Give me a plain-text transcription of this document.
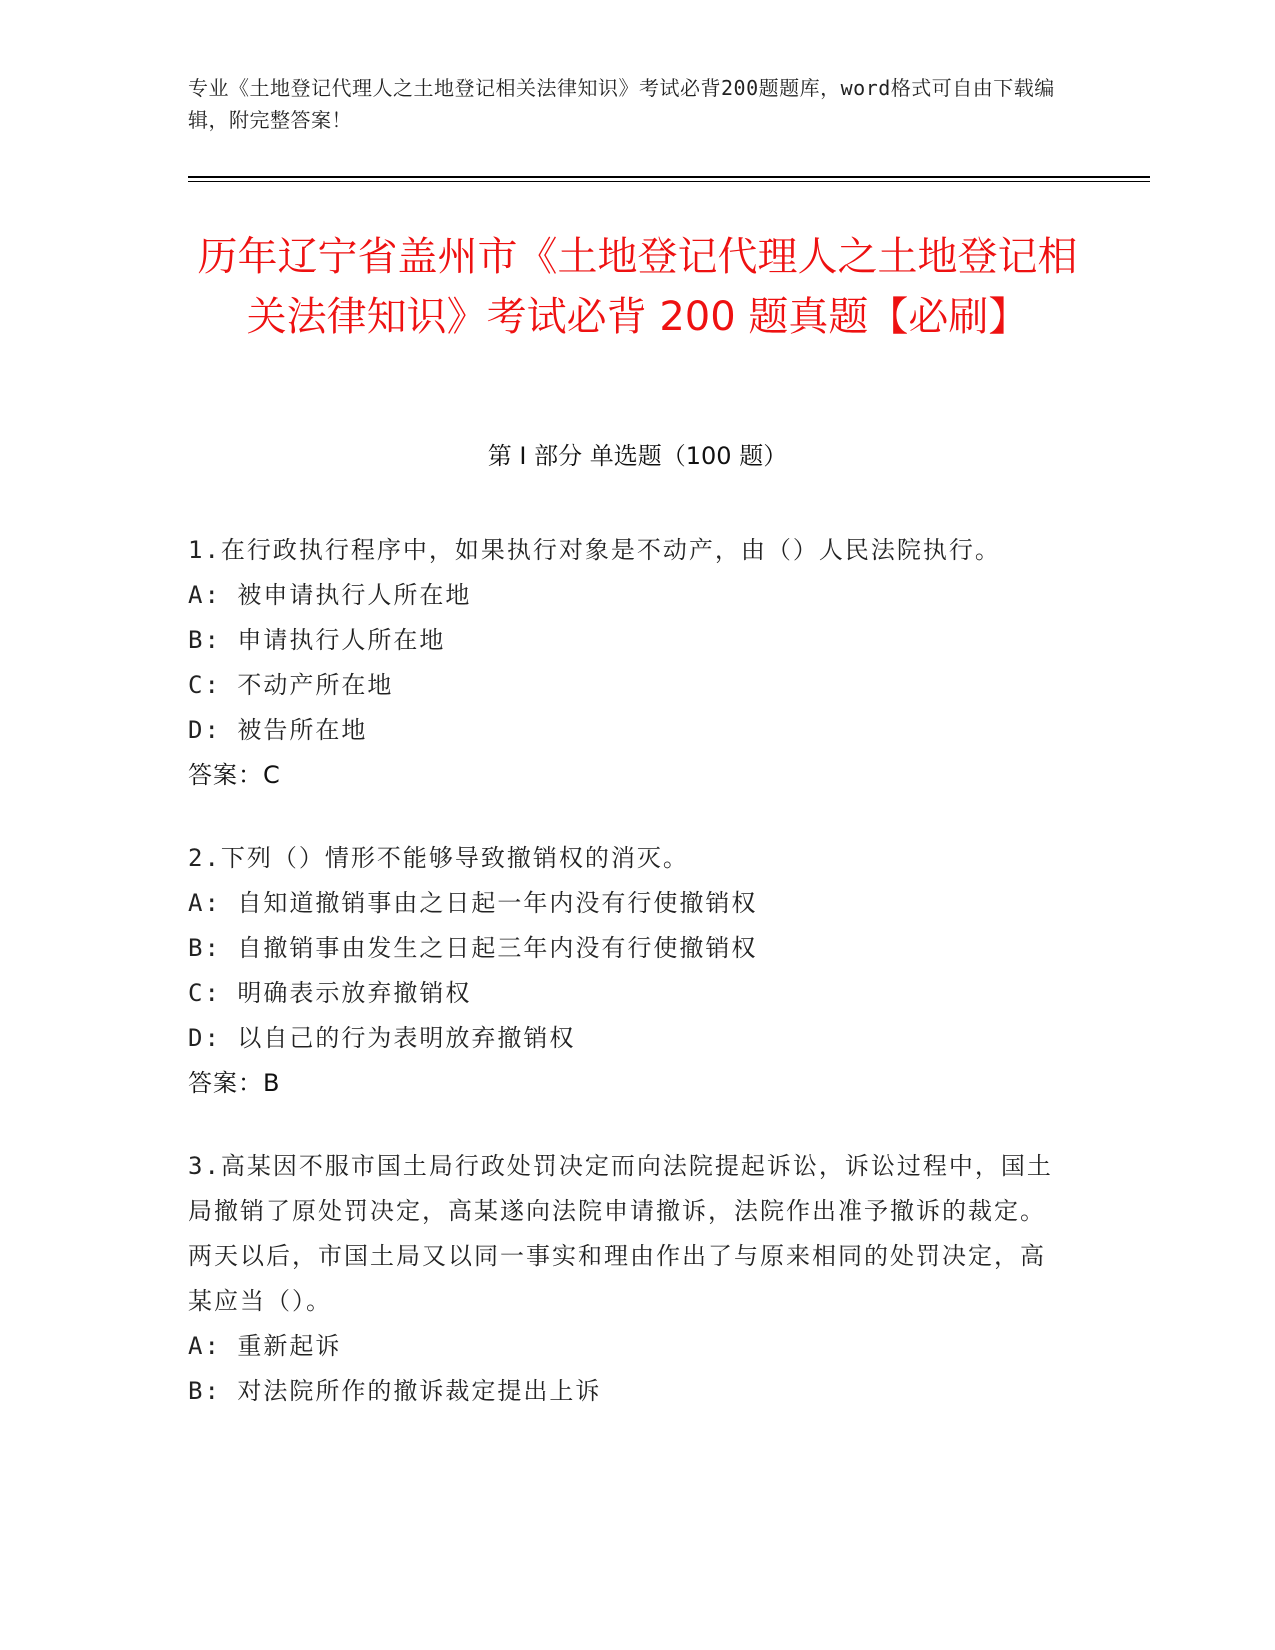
专业《土地登记代理人之土地登记相关法律知识》考试必背200题题库，word格式可自由下载编辑，附完整答案！
历年辽宁省盖州市《土地登记代理人之土地登记相关法律知识》考试必背 200 题真题【必刷】
第 I 部分 单选题（100 题）
1.在行政执行程序中，如果执行对象是不动产，由（）人民法院执行。
A: 被申请执行人所在地
B: 申请执行人所在地
C: 不动产所在地
D: 被告所在地
答案：C
2.下列（）情形不能够导致撤销权的消灭。
A: 自知道撤销事由之日起一年内没有行使撤销权
B: 自撤销事由发生之日起三年内没有行使撤销权
C: 明确表示放弃撤销权
D: 以自己的行为表明放弃撤销权
答案：B
3.高某因不服市国土局行政处罚决定而向法院提起诉讼，诉讼过程中，国土局撤销了原处罚决定，高某遂向法院申请撤诉，法院作出准予撤诉的裁定。两天以后，市国土局又以同一事实和理由作出了与原来相同的处罚决定，高某应当（）。
A: 重新起诉
B: 对法院所作的撤诉裁定提出上诉
